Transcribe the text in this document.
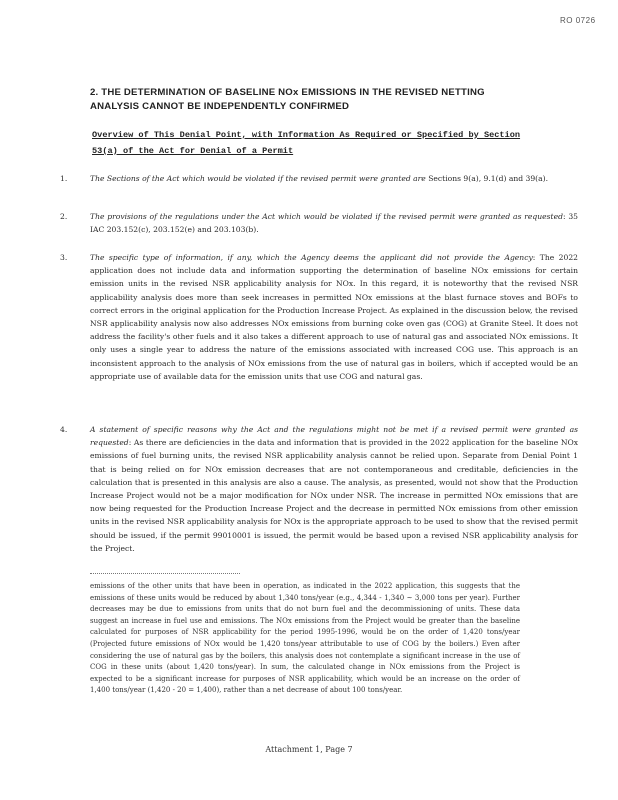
RO 0726
2. THE DETERMINATION OF BASELINE NOx EMISSIONS IN THE REVISED NETTING ANALYSIS CANNOT BE INDEPENDENTLY CONFIRMED
Overview of This Denial Point, with Information As Required or Specified by Section 53(a) of the Act for Denial of a Permit
1.	The Sections of the Act which would be violated if the revised permit were granted are Sections 9(a), 9.1(d) and 39(a).
2.	The provisions of the regulations under the Act which would be violated if the revised permit were granted as requested: 35 IAC 203.152(c), 203.152(e) and 203.103(b).
3.	The specific type of information, if any, which the Agency deems the applicant did not provide the Agency: The 2022 application does not include data and information supporting the determination of baseline NOx emissions for certain emission units in the revised NSR applicability analysis for NOx. In this regard, it is noteworthy that the revised NSR applicability analysis does more than seek increases in permitted NOx emissions at the blast furnace stoves and BOFs to correct errors in the original application for the Production Increase Project. As explained in the discussion below, the revised NSR applicability analysis now also addresses NOx emissions from burning coke oven gas (COG) at Granite Steel. It does not address the facility's other fuels and it also takes a different approach to use of natural gas and associated NOx emissions. It only uses a single year to address the nature of the emissions associated with increased COG use. This approach is an inconsistent approach to the analysis of NOx emissions from the use of natural gas in boilers, which if accepted would be an appropriate use of available data for the emission units that use COG and natural gas.
4.	A statement of specific reasons why the Act and the regulations might not be met if a revised permit were granted as requested: As there are deficiencies in the data and information that is provided in the 2022 application for the baseline NOx emissions of fuel burning units, the revised NSR applicability analysis cannot be relied upon. Separate from Denial Point 1 that is being relied on for NOx emission decreases that are not contemporaneous and creditable, deficiencies in the calculation that is presented in this analysis are also a cause. The analysis, as presented, would not show that the Production Increase Project would not be a major modification for NOx under NSR. The increase in permitted NOx emissions that are now being requested for the Production Increase Project and the decrease in permitted NOx emissions from other emission units in the revised NSR applicability analysis for NOx is the appropriate approach to be used to show that the revised permit should be issued, if the permit 99010001 is issued, the permit would be based upon a revised NSR applicability analysis for the Project.
emissions of the other units that have been in operation, as indicated in the 2022 application, this suggests that the emissions of these units would be reduced by about 1,340 tons/year (e.g., 4,344 - 1,340 ~ 3,000 tons per year). Further decreases may be due to emissions from units that do not burn fuel and the decommissioning of units. These data suggest an increase in fuel use and emissions. The NOx emissions from the Project would be greater than the baseline calculated for purposes of NSR applicability for the period 1995-1996, would be on the order of 1,420 tons/year (Projected future emissions of NOx would be 1,420 tons/year attributable to use of COG by the boilers.) Even after considering the use of natural gas by the boilers, this analysis does not contemplate a significant increase in the use of COG in these units (about 1,420 tons/year). In sum, the calculated change in NOx emissions from the Project is expected to be a significant increase for purposes of NSR applicability, which would be an increase on the order of 1,400 tons/year (1,420 - 20 = 1,400), rather than a net decrease of about 100 tons/year.
Attachment 1, Page 7
